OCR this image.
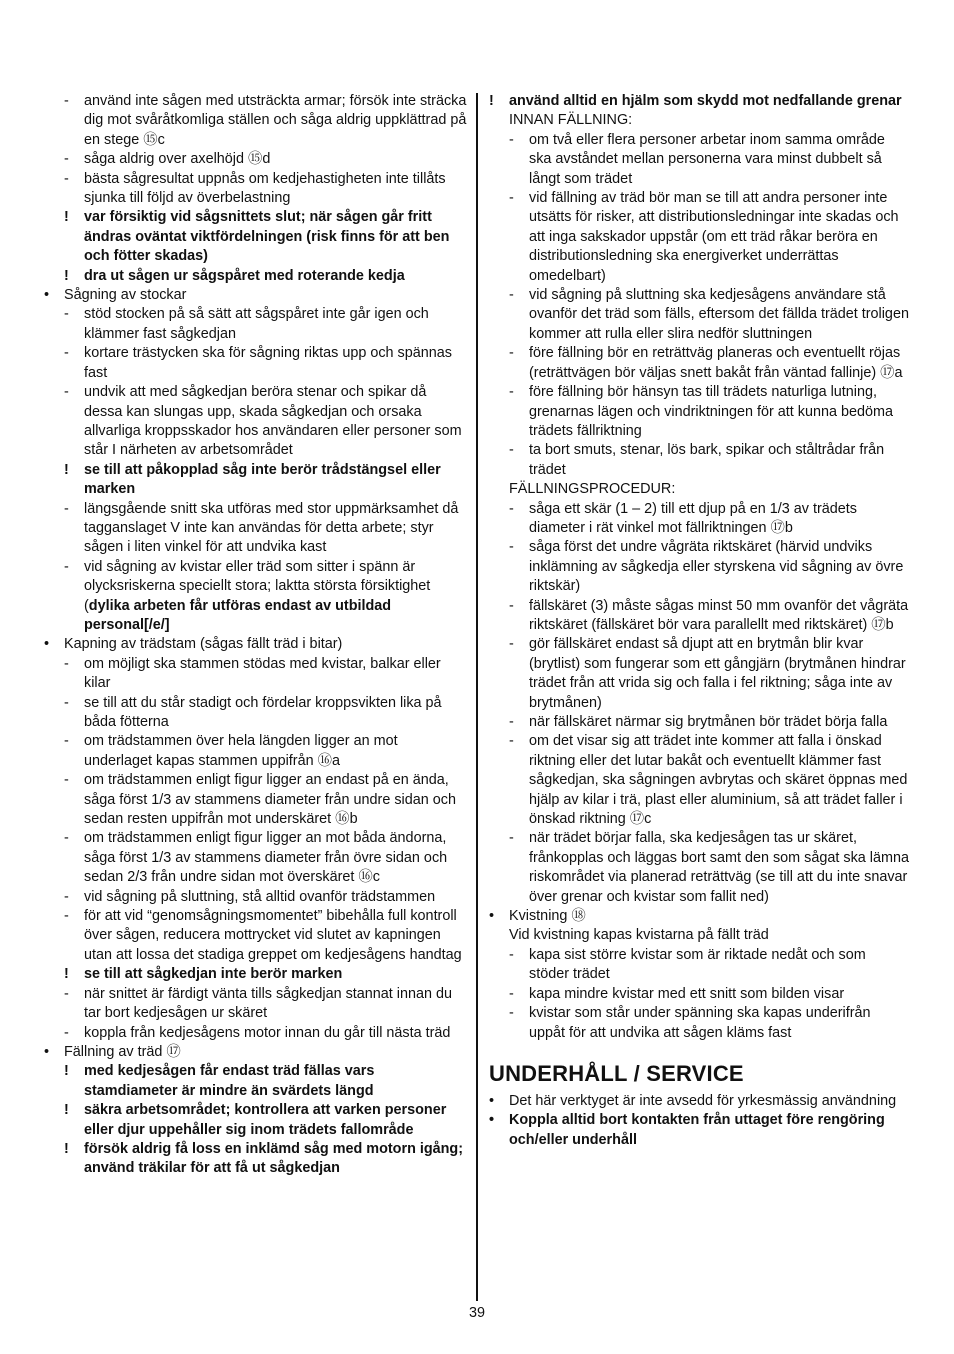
- använd inte sågen med utsträckta armar; försök inte sträcka dig mot svåråtkomliga ställen och såga aldrig uppklättrad på en stege ⑮c
- såga aldrig over axelhöjd ⑮d
- bästa sågresultat uppnås om kedjehastigheten inte tillåts sjunka till följd av överbelastning
! var försiktig vid sågsnittets slut; när sågen går fritt ändras oväntat viktfördelningen (risk finns för att ben och fötter skadas)
! dra ut sågen ur sågspåret med roterande kedja
• Sågning av stockar
- stöd stocken på så sätt att sågspåret inte går igen och klämmer fast sågkedjan
- kortare trästycken ska för sågning riktas upp och spännas fast
- undvik att med sågkedjan beröra stenar och spikar då dessa kan slungas upp, skada sågkedjan och orsaka allvarliga kroppsskador hos användaren eller personer som står I närheten av arbetsområdet
! se till att påkopplad såg inte berör trådstängsel eller marken
- längsgående snitt ska utföras med stor uppmärksamhet då tagganslaget V inte kan användas för detta arbete; styr sågen i liten vinkel för att undvika kast
- vid sågning av kvistar eller träd som sitter i spänn är olycksriskerna speciellt stora; laktta största försiktighet (dylika arbeten får utföras endast av utbildad personal[/e/]
• Kapning av trädstam (sågas fällt träd i bitar)
- om möjligt ska stammen stödas med kvistar, balkar eller kilar
- se till att du står stadigt och fördelar kroppsvikten lika på båda fötterna
- om trädstammen över hela längden ligger an mot underlaget kapas stammen uppifrån ⑯a
- om trädstammen enligt figur ligger an endast på en ända, såga först 1/3 av stammens diameter från undre sidan och sedan resten uppifrån mot underskäret ⑯b
- om trädstammen enligt figur ligger an mot båda ändorna, såga först 1/3 av stammens diameter från övre sidan och sedan 2/3 från undre sidan mot överskäret ⑯c
- vid sågning på sluttning, stå alltid ovanför trädstammen
- för att vid “genomsågningsmomentet” bibehålla full kontroll över sågen, reducera mottrycket vid slutet av kapningen utan att lossa det stadiga greppet om kedjesågens handtag
! se till att sågkedjan inte berör marken
- när snittet är färdigt vänta tills sågkedjan stannat innan du tar bort kedjesågen ur skäret
- koppla från kedjesågens motor innan du går till nästa träd
• Fällning av träd ⑰
! med kedjesågen får endast träd fällas vars stamdiameter är mindre än svärdets längd
! säkra arbetsområdet; kontrollera att varken personer eller djur uppehåller sig inom trädets fallområde
! försök aldrig få loss en inklämd såg med motorn igång; använd träkilar för att få ut sågkedjan
! använd alltid en hjälm som skydd mot nedfallande grenar
INNAN FÄLLNING:
- om två eller flera personer arbetar inom samma område ska avståndet mellan personerna vara minst dubbelt så långt som trädet
- vid fällning av träd bör man se till att andra personer inte utsätts för risker, att distributionsledningar inte skadas och att inga sakskador uppstår (om ett träd råkar beröra en distributionsledning ska energiverket underrättas omedelbart)
- vid sågning på sluttning ska kedjesågens användare stå ovanför det träd som fälls, eftersom det fällda trädet troligen kommer att rulla eller slira nedför sluttningen
- före fällning bör en reträttväg planeras och eventuellt röjas (reträttvägen bör väljas snett bakåt från väntad fallinje) ⑰a
- före fällning bör hänsyn tas till trädets naturliga lutning, grenarnas lägen och vindriktningen för att kunna bedöma trädets fällriktning
- ta bort smuts, stenar, lös bark, spikar och ståltrådar från trädet
FÄLLNINGSPROCEDUR:
- såga ett skär (1 – 2) till ett djup på en 1/3 av trädets diameter i rät vinkel mot fällriktningen ⑰b
- såga först det undre vågräta riktskäret (härvid undviks inklämning av sågkedja eller styrskena vid sågning av övre riktskär)
- fällskäret (3) måste sågas minst 50 mm ovanför det vågräta riktskäret (fällskäret bör vara parallellt med riktskäret) ⑰b
- gör fällskäret endast så djupt att en brytmån blir kvar (brytlist) som fungerar som ett gångjärn (brytmånen hindrar trädet från att vrida sig och falla i fel riktning; såga inte av brytmånen)
- när fällskäret närmar sig brytmånen bör trädet börja falla
- om det visar sig att trädet inte kommer att falla i önskad riktning eller det lutar bakåt och eventuellt klämmer fast sågkedjan, ska sågningen avbrytas och skäret öppnas med hjälp av kilar i trä, plast eller aluminium, så att trädet faller i önskad riktning ⑰c
- när trädet börjar falla, ska kedjesågen tas ur skäret, frånkopplas och läggas bort samt den som sågat ska lämna riskområdet via planerad reträttväg (se till att du inte snavar över grenar och kvistar som fallit ned)
• Kvistning ⑱
Vid kvistning kapas kvistarna på fällt träd
- kapa sist större kvistar som är riktade nedåt och som stöder trädet
- kapa mindre kvistar med ett snitt som bilden visar
- kvistar som står under spänning ska kapas underifrån uppåt för att undvika att sågen kläms fast
UNDERHÅLL / SERVICE
• Det här verktyget är inte avsedd för yrkesmässig användning
• Koppla alltid bort kontakten från uttaget före rengöring och/eller underhåll
39
